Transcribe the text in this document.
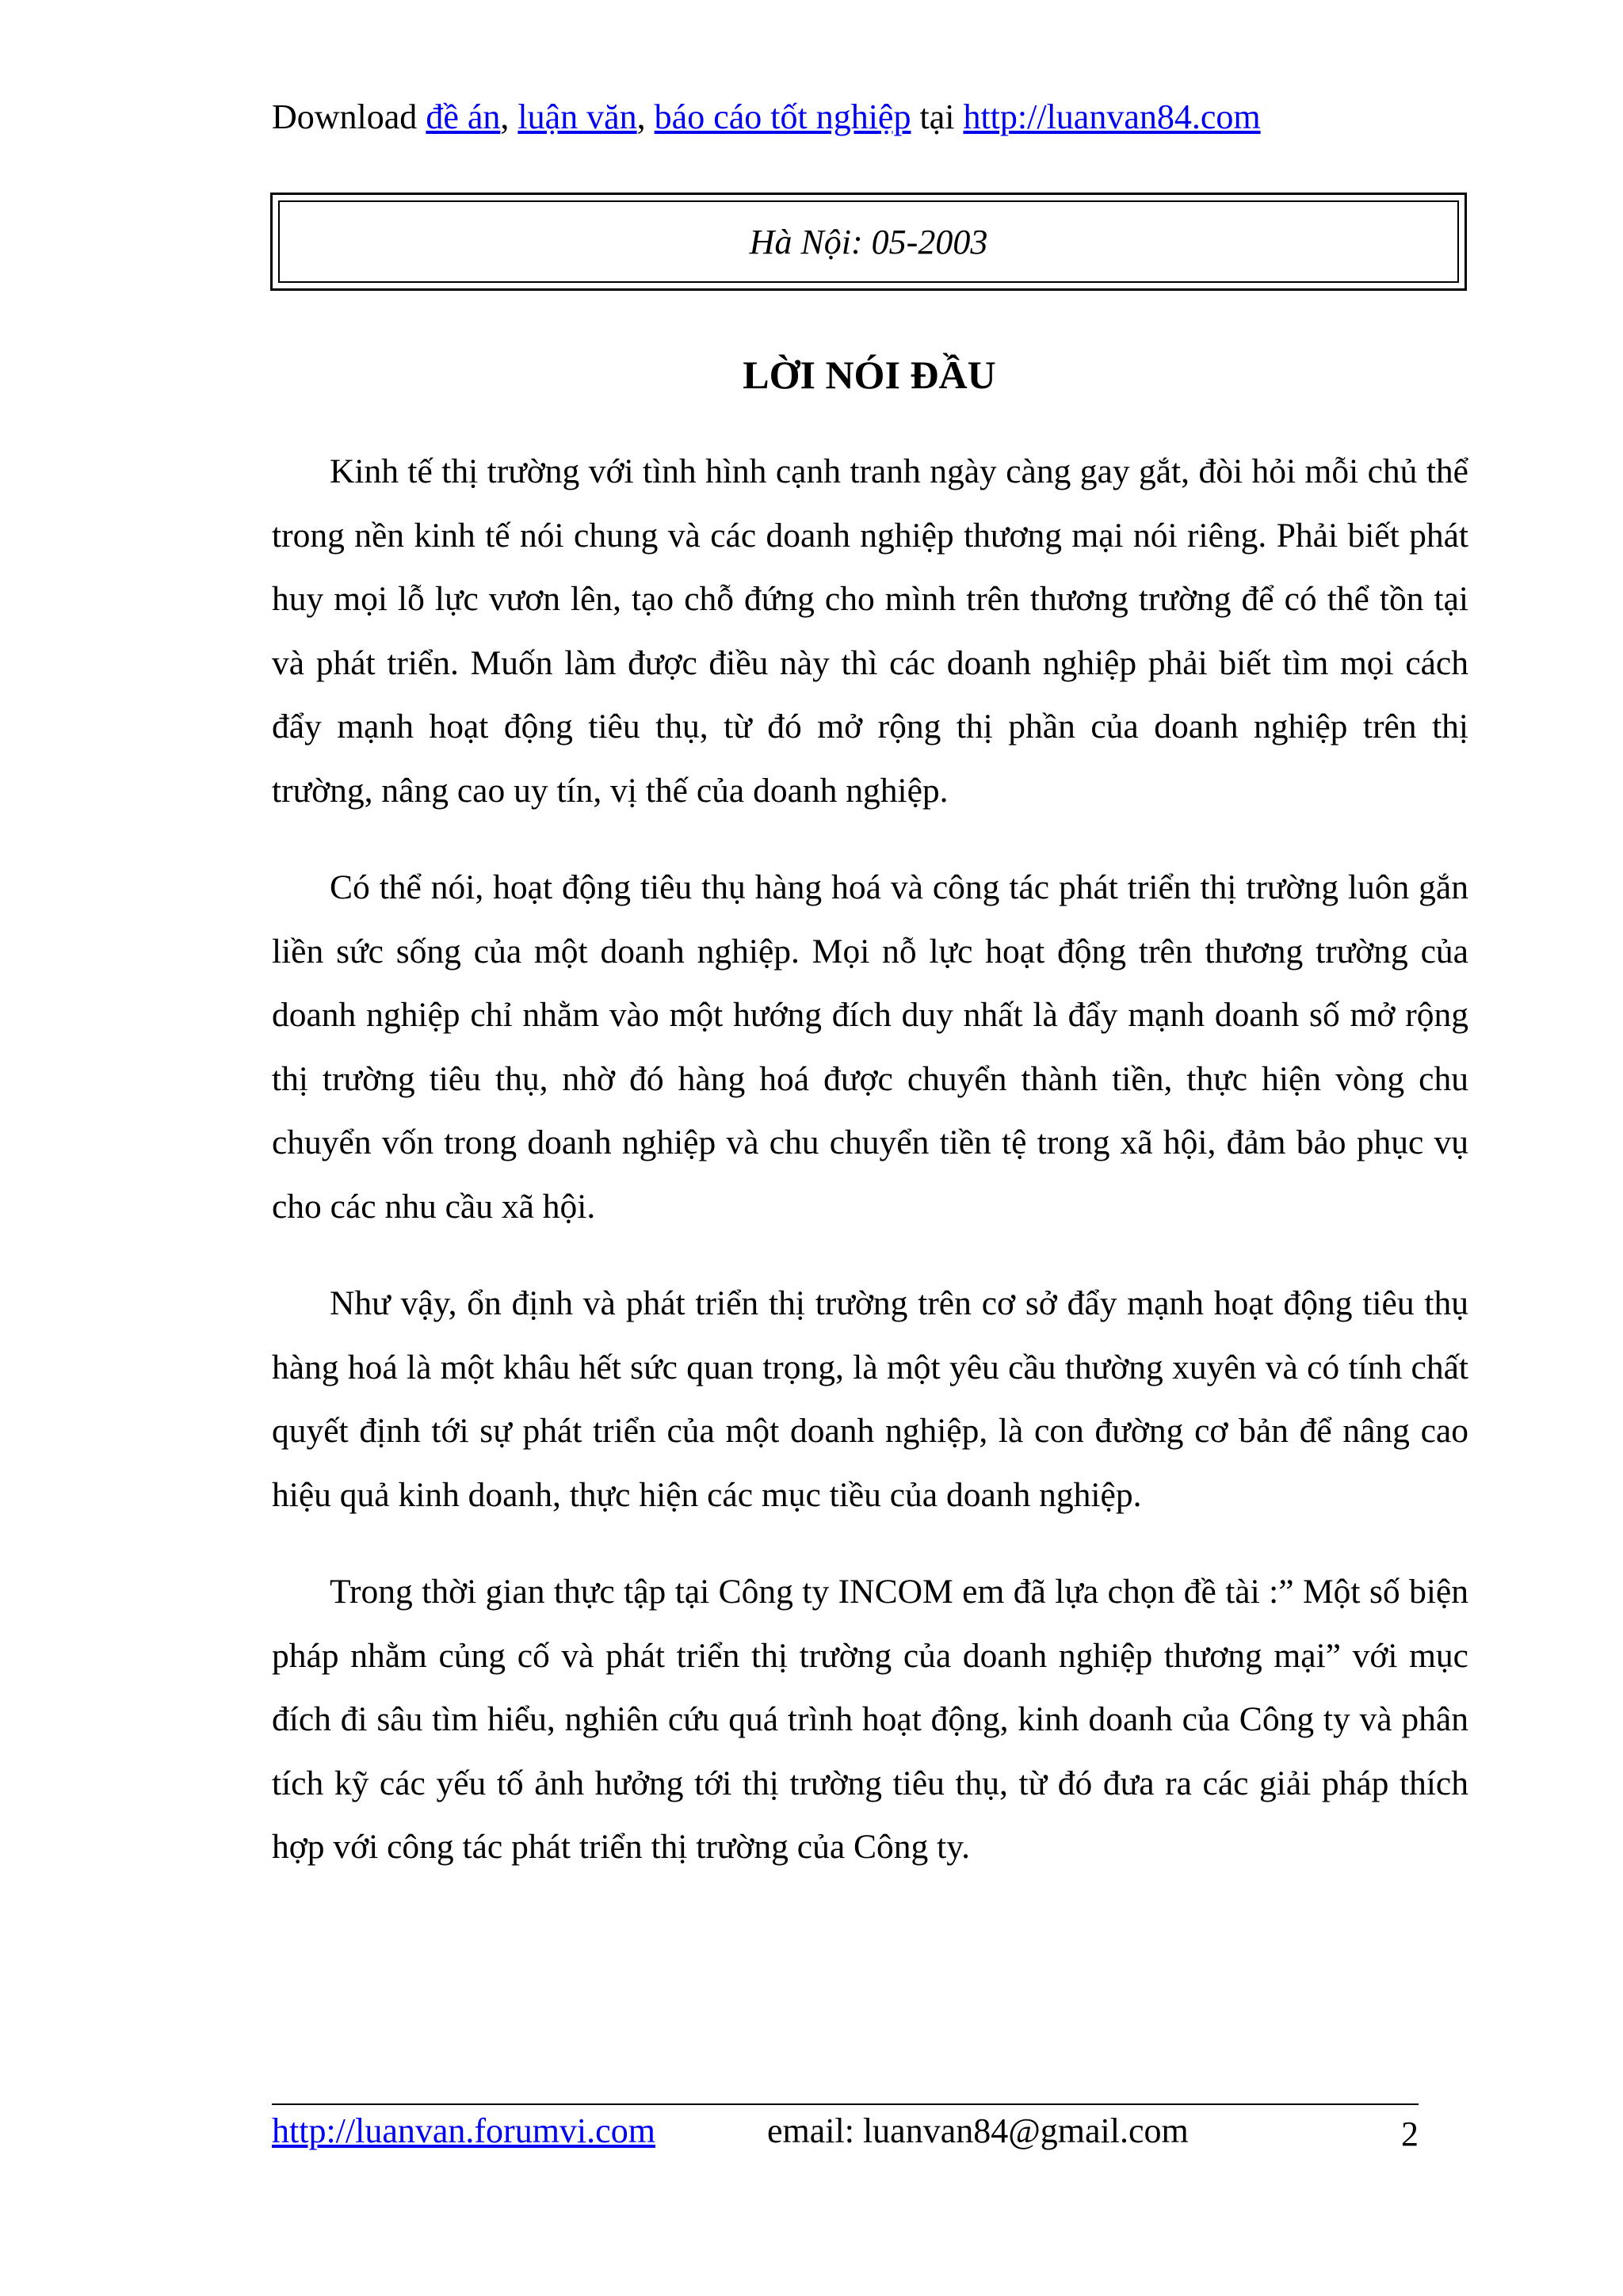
Download đề án, luận văn, báo cáo tốt nghiệp tại http://luanvan84.com
Hà Nội: 05-2003
LỜI NÓI ĐẦU

Kinh tế thị trường với tình hình cạnh tranh ngày càng gay gắt, đòi hỏi mỗi chủ thể trong nền kinh tế nói chung và các doanh nghiệp thương mại nói riêng. Phải biết phát huy mọi lỗ lực vươn lên, tạo chỗ đứng cho mình trên thương trường để có thể tồn tại và phát triển. Muốn làm được điều này thì các doanh nghiệp phải biết tìm mọi cách đẩy mạnh hoạt động tiêu thụ, từ đó mở rộng thị phần của doanh nghiệp trên thị trường, nâng cao uy tín, vị thế của doanh nghiệp.

Có thể nói, hoạt động tiêu thụ hàng hoá và công tác phát triển thị trường luôn gắn liền sức sống của một doanh nghiệp. Mọi nỗ lực hoạt động trên thương trường của doanh nghiệp chỉ nhằm vào một hướng đích duy nhất là đẩy mạnh doanh số mở rộng thị trường tiêu thụ, nhờ đó hàng hoá được chuyển thành tiền, thực hiện vòng chu chuyển vốn trong doanh nghiệp và chu chuyển tiền tệ trong xã hội, đảm bảo phục vụ cho các nhu cầu xã hội.

Như vậy, ổn định và phát triển thị trường trên cơ sở đẩy mạnh hoạt động tiêu thụ hàng hoá là một khâu hết sức quan trọng, là một yêu cầu thường xuyên và có tính chất quyết định tới sự phát triển của một doanh nghiệp, là con đường cơ bản để nâng cao hiệu quả kinh doanh, thực hiện các mục tiều của doanh nghiệp.

Trong thời gian thực tập tại Công ty INCOM em đã lựa chọn đề tài :” Một số biện pháp nhằm củng cố và phát triển thị trường của doanh nghiệp thương mại” với mục đích đi sâu tìm hiểu, nghiên cứu quá trình hoạt động, kinh doanh của Công ty và phân tích kỹ các yếu tố ảnh hưởng tới thị trường tiêu thụ, từ đó đưa ra các giải pháp thích hợp với công tác phát triển thị trường của Công ty.

http://luanvan.forumvi.com	email: luanvan84@gmail.com	2
